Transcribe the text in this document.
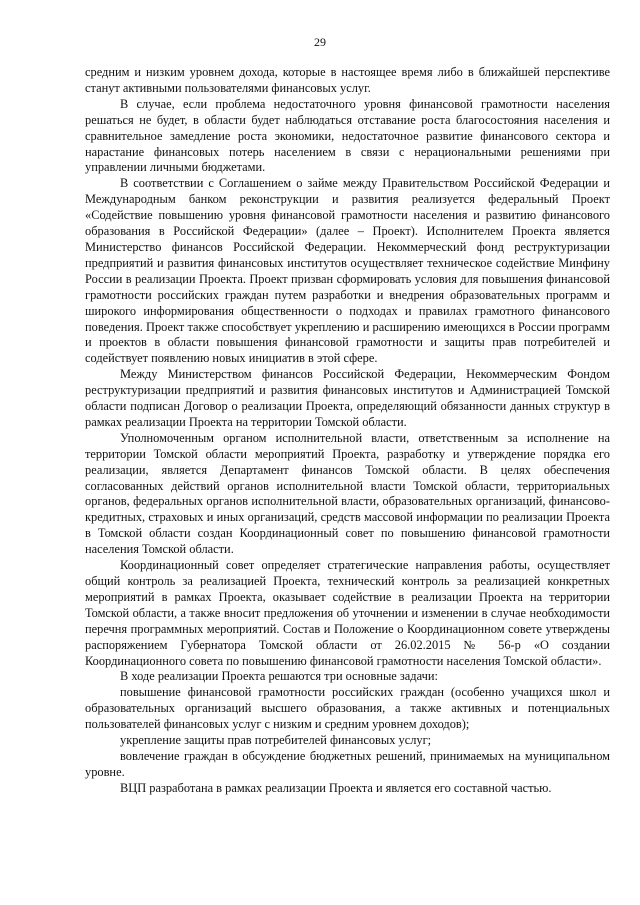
29

средним и низким уровнем дохода, которые в настоящее время либо в ближайшей перспективе станут активными пользователями финансовых услуг.

В случае, если проблема недостаточного уровня финансовой грамотности населения решаться не будет, в области будет наблюдаться отставание роста благосостояния населения и сравнительное замедление роста экономики, недостаточное развитие финансового сектора и нарастание финансовых потерь населением в связи с нерациональными решениями при управлении личными бюджетами.

В соответствии с Соглашением о займе между Правительством Российской Федерации и Международным банком реконструкции и развития реализуется федеральный Проект «Содействие повышению уровня финансовой грамотности населения и развитию финансового образования в Российской Федерации» (далее – Проект). Исполнителем Проекта является Министерство финансов Российской Федерации. Некоммерческий фонд реструктуризации предприятий и развития финансовых институтов осуществляет техническое содействие Минфину России в реализации Проекта. Проект призван сформировать условия для повышения финансовой грамотности российских граждан путем разработки и внедрения образовательных программ и широкого информирования общественности о подходах и правилах грамотного финансового поведения. Проект также способствует укреплению и расширению имеющихся в России программ и проектов в области повышения финансовой грамотности и защиты прав потребителей и содействует появлению новых инициатив в этой сфере.

Между Министерством финансов Российской Федерации, Некоммерческим Фондом реструктуризации предприятий и развития финансовых институтов и Администрацией Томской области подписан Договор о реализации Проекта, определяющий обязанности данных структур в рамках реализации Проекта на территории Томской области.

Уполномоченным органом исполнительной власти, ответственным за исполнение на территории Томской области мероприятий Проекта, разработку и утверждение порядка его реализации, является Департамент финансов Томской области. В целях обеспечения согласованных действий органов исполнительной власти Томской области, территориальных органов, федеральных органов исполнительной власти, образовательных организаций, финансово-кредитных, страховых и иных организаций, средств массовой информации по реализации Проекта в Томской области создан Координационный совет по повышению финансовой грамотности населения Томской области.

Координационный совет определяет стратегические направления работы, осуществляет общий контроль за реализацией Проекта, технический контроль за реализацией конкретных мероприятий в рамках Проекта, оказывает содействие в реализации Проекта на территории Томской области, а также вносит предложения об уточнении и изменении в случае необходимости перечня программных мероприятий. Состав и Положение о Координационном совете утверждены распоряжением Губернатора Томской области от 26.02.2015 № 56-р «О создании Координационного совета по повышению финансовой грамотности населения Томской области».

В ходе реализации Проекта решаются три основные задачи:

повышение финансовой грамотности российских граждан (особенно учащихся школ и образовательных организаций высшего образования, а также активных и потенциальных пользователей финансовых услуг с низким и средним уровнем доходов);

укрепление защиты прав потребителей финансовых услуг;

вовлечение граждан в обсуждение бюджетных решений, принимаемых на муниципальном уровне.

ВЦП разработана в рамках реализации Проекта и является его составной частью.
